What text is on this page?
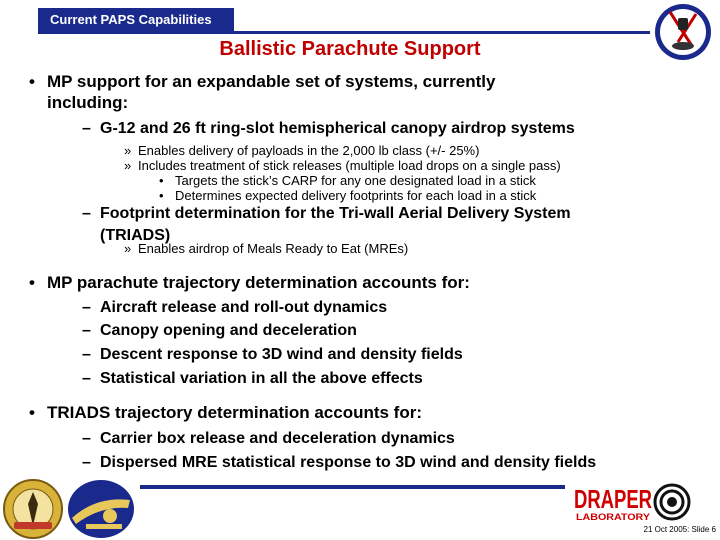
Current PAPS Capabilities
Ballistic Parachute Support
• MP support for an expandable set of systems, currently
including:
– G-12 and 26 ft ring-slot hemispherical canopy airdrop systems
» Enables delivery of payloads in the 2,000 lb class (+/- 25%)
» Includes treatment of stick releases (multiple load drops on a single pass)
• Targets the stick’s CARP for any one designated load in a stick
• Determines expected delivery footprints for each load in a stick
– Footprint determination for the Tri-wall Aerial Delivery System
(TRIADS)
» Enables airdrop of Meals Ready to Eat (MREs)
• MP parachute trajectory determination accounts for:
– Aircraft release and roll-out dynamics
– Canopy opening and deceleration
– Descent response to 3D wind and density fields
– Statistical variation in all the above effects
• TRIADS trajectory determination accounts for:
– Carrier box release and deceleration dynamics
– Dispersed MRE statistical response to 3D wind and density fields
DRAPER
LABORATORY
21 Oct 2005: Slide 6
